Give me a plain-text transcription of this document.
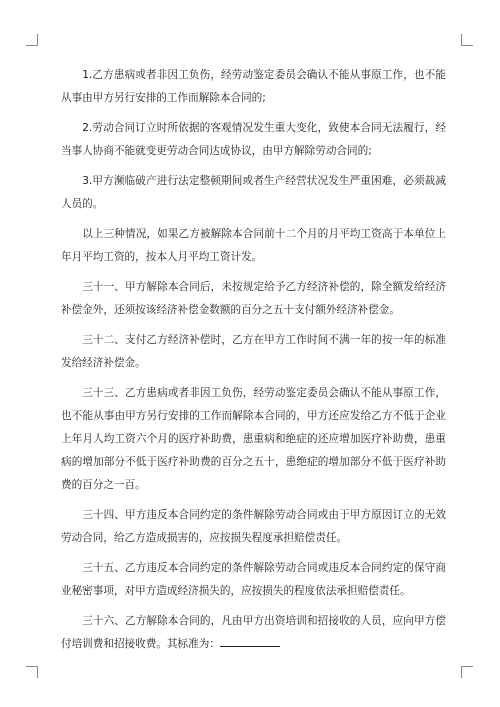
1.乙方患病或者非因工负伤，经劳动鉴定委员会确认不能从事原工作，也不能从事由甲方另行安排的工作而解除本合同的;

2.劳动合同订立时所依据的客观情况发生重大变化，致使本合同无法履行，经当事人协商不能就变更劳动合同达成协议，由甲方解除劳动合同的;

3.甲方濒临破产进行法定整顿期间或者生产经营状况发生严重困难，必须裁减人员的。

以上三种情况，如果乙方被解除本合同前十二个月的月平均工资高于本单位上年月平均工资的，按本人月平均工资计发。

三十一、甲方解除本合同后，未按规定给予乙方经济补偿的，除全额发给经济补偿金外，还须按该经济补偿金数额的百分之五十支付额外经济补偿金。

三十二、支付乙方经济补偿时，乙方在甲方工作时间不满一年的按一年的标准发给经济补偿金。

三十三、乙方患病或者非因工负伤，经劳动鉴定委员会确认不能从事原工作，也不能从事由甲方另行安排的工作而解除本合同的，甲方还应发给乙方不低于企业上年月人均工资六个月的医疗补助费，患重病和绝症的还应增加医疗补助费，患重病的增加部分不低于医疗补助费的百分之五十，患绝症的增加部分不低于医疗补助费的百分之一百。

三十四、甲方违反本合同约定的条件解除劳动合同或由于甲方原因订立的无效劳动合同，给乙方造成损害的，应按损失程度承担赔偿责任。

三十五、乙方违反本合同约定的条件解除劳动合同或违反本合同约定的保守商业秘密事项，对甲方造成经济损失的，应按损失的程度依法承担赔偿责任。

三十六、乙方解除本合同的，凡由甲方出资培训和招接收的人员，应向甲方偿付培训费和招接收费。其标准为：
